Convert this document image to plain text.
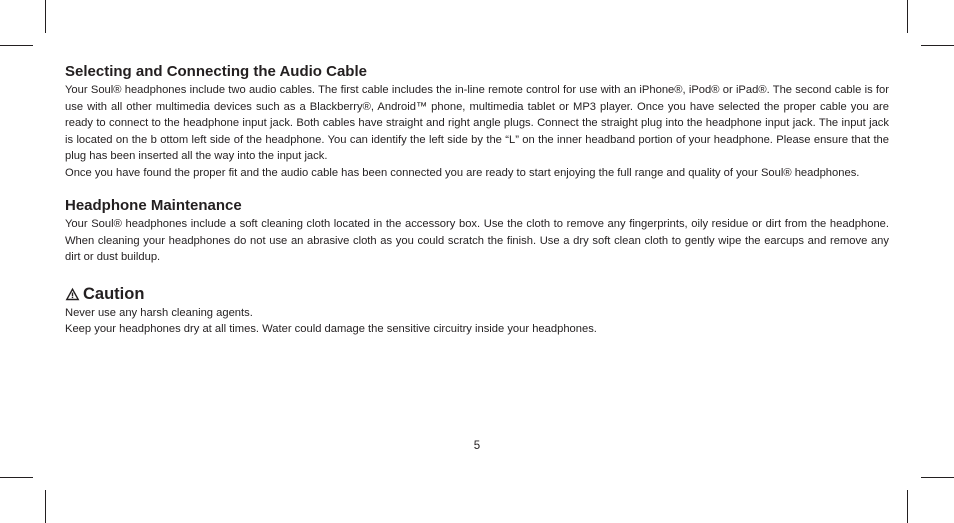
Selecting and Connecting the Audio Cable

Your Soul® headphones include two audio cables. The first cable includes the in-line remote control for use with an iPhone®, iPod® or iPad®. The second cable is for use with all other multimedia devices such as a Blackberry®, Android™ phone, multimedia tablet or MP3 player. Once you have selected the proper cable you are ready to connect to the headphone input jack. Both cables have straight and right angle plugs. Connect the straight plug into the headphone input jack. The input jack is located on the b ottom left side of the headphone. You can identify the left side by the “L” on the inner headband portion of your headphone. Please ensure that the plug has been inserted all the way into the input jack.

Once you have found the proper fit and the audio cable has been connected you are ready to start enjoying the full range and quality of your Soul® headphones.

Headphone Maintenance

Your Soul® headphones include a soft cleaning cloth located in the accessory box. Use the cloth to remove any fingerprints, oily residue or dirt from the headphone. When cleaning your headphones do not use an abrasive cloth as you could scratch the finish. Use a dry soft clean cloth to gently wipe the earcups and remove any dirt or dust buildup.

Caution

Never use any harsh cleaning agents.

Keep your headphones dry at all times. Water could damage the sensitive circuitry inside your headphones.

5
